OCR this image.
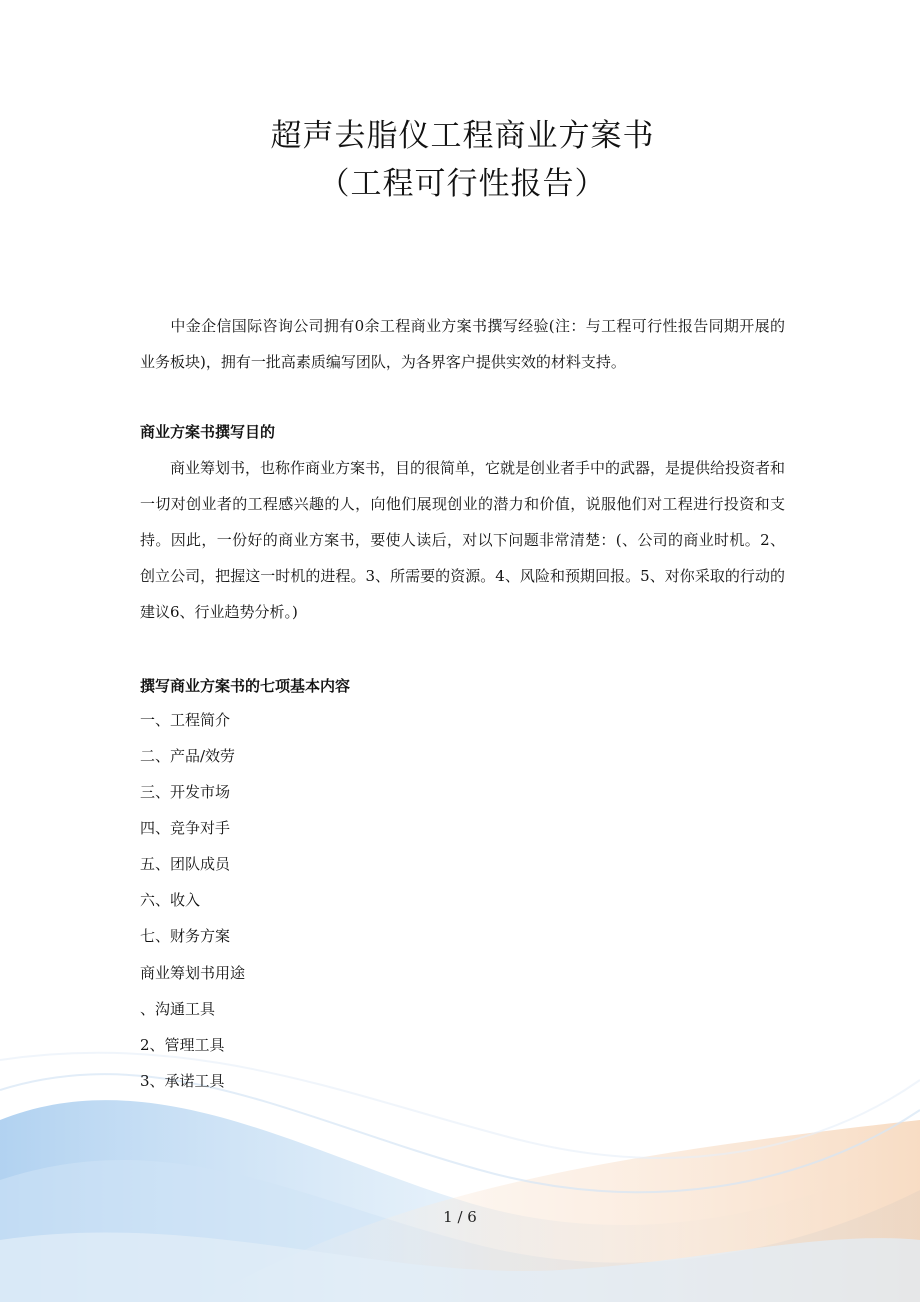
超声去脂仪工程商业方案书
（工程可行性报告）
中金企信国际咨询公司拥有0余工程商业方案书撰写经验(注：与工程可行性报告同期开展的业务板块)，拥有一批高素质编写团队，为各界客户提供实效的材料支持。
商业方案书撰写目的
商业筹划书，也称作商业方案书，目的很简单，它就是创业者手中的武器，是提供给投资者和一切对创业者的工程感兴趣的人，向他们展现创业的潜力和价值，说服他们对工程进行投资和支持。因此，一份好的商业方案书，要使人读后，对以下问题非常清楚：(、公司的商业时机。2、创立公司，把握这一时机的进程。3、所需要的资源。4、风险和预期回报。5、对你采取的行动的建议6、行业趋势分析。)
撰写商业方案书的七项基本内容
一、工程简介
二、产品/效劳
三、开发市场
四、竞争对手
五、团队成员
六、收入
七、财务方案
商业筹划书用途
、沟通工具
2、管理工具
3、承诺工具
1 / 6
